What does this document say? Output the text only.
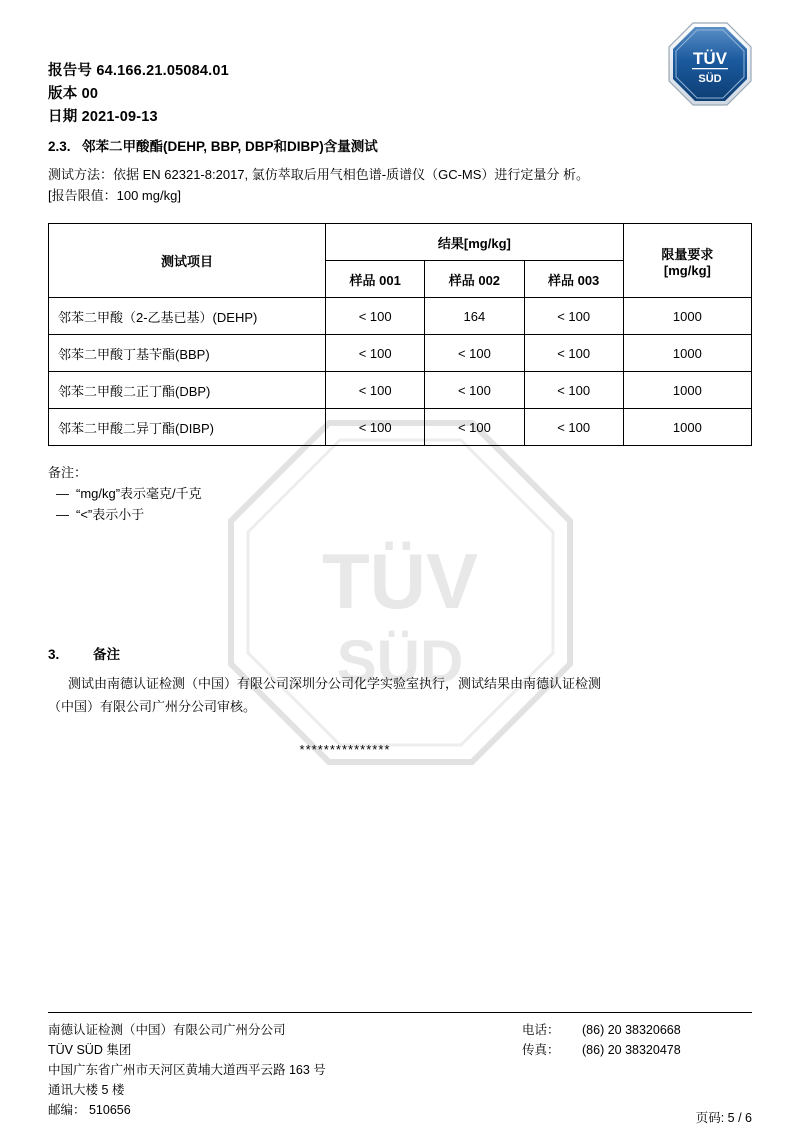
TÜV
SÜD
TÜV
SÜD
报告号 64.166.21.05084.01
版本 00
日期 2021-09-13
2.3. 邻苯二甲酸酯(DEHP, BBP, DBP和DIBP)含量测试

测试方法：依据 EN 62321-8:2017, 氯仿萃取后用气相色谱-质谱仪（GC-MS）进行定量分 析。

[报告限值：100 mg/kg]

测试项目	结果[mg/kg]			限量要求
[mg/kg]
	样品 001	样品 002	样品 003	
邻苯二甲酸（2-乙基已基）(DEHP)	< 100	164	< 100	1000
邻苯二甲酸丁基苄酯(BBP)	< 100	< 100	< 100	1000
邻苯二甲酸二正丁酯(DBP)	< 100	< 100	< 100	1000
邻苯二甲酸二异丁酯(DIBP)	< 100	< 100	< 100	1000
备注：
— “mg/kg”表示毫克/千克
— “<”表示小于
3. 备注
测试由南德认证检测（中国）有限公司深圳分公司化学实验室执行，测试结果由南德认证检测
（中国）有限公司广州分公司审核。
***************
南德认证检测（中国）有限公司广州分公司
TÜV SÜD 集团
中国广东省广州市天河区黄埔大道西平云路 163 号
通讯大楼 5 楼
邮编： 510656
电话：	(86) 20 38320668
传真：	(86) 20 38320478
页码: 5 / 6
